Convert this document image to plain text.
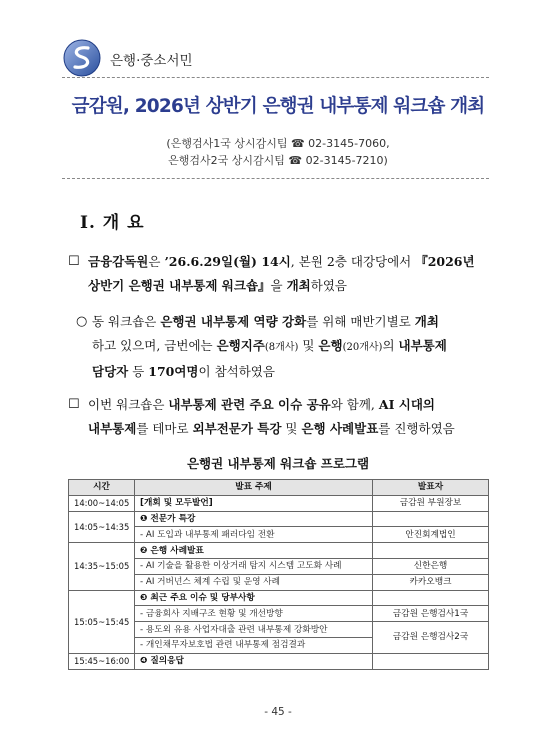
은행·중소서민
금감원, 2026년 상반기 은행권 내부통제 워크숍 개최
(은행검사1국 상시감시팀 ☎ 02-3145-7060,
은행검사2국 상시감시팀 ☎ 02-3145-7210)
Ⅰ. 개 요
☐ 금융감독원은 ’26.6.29일(월) 14시, 본원 2층 대강당에서 『2026년
상반기 은행권 내부통제 워크숍』을 개최하였음
○ 동 워크숍은 은행권 내부통제 역량 강화를 위해 매반기별로 개최
하고 있으며, 금번에는 은행지주(8개사) 및 은행(20개사)의 내부통제
담당자 등 170여명이 참석하였음
☐ 이번 워크숍은 내부통제 관련 주요 이슈 공유와 함께, AI 시대의
내부통제를 테마로 외부전문가 특강 및 은행 사례발표를 진행하였음
은행권 내부통제 워크숍 프로그램
시간	발표 주제	발표자
14:00~14:05	[개회 및 모두발언]	금감원 부원장보
14:05~14:35	❶ 전문가 특강	
	- AI 도입과 내부통제 패러다임 전환	안진회계법인
14:35~15:05	❷ 은행 사례발표	
	- AI 기술을 활용한 이상거래 탐지 시스템 고도화 사례	신한은행
	- AI 거버넌스 체계 수립 및 운영 사례	카카오뱅크
15:05~15:45	❸ 최근 주요 이슈 및 당부사항	
	- 금융회사 지배구조 현황 및 개선방향	금감원 은행검사1국
	- 용도외 유용 사업자대출 관련 내부통제 강화방안	금감원 은행검사2국
	- 개인채무자보호법 관련 내부통제 점검결과	
15:45~16:00	❹ 질의응답	
- 45 -
